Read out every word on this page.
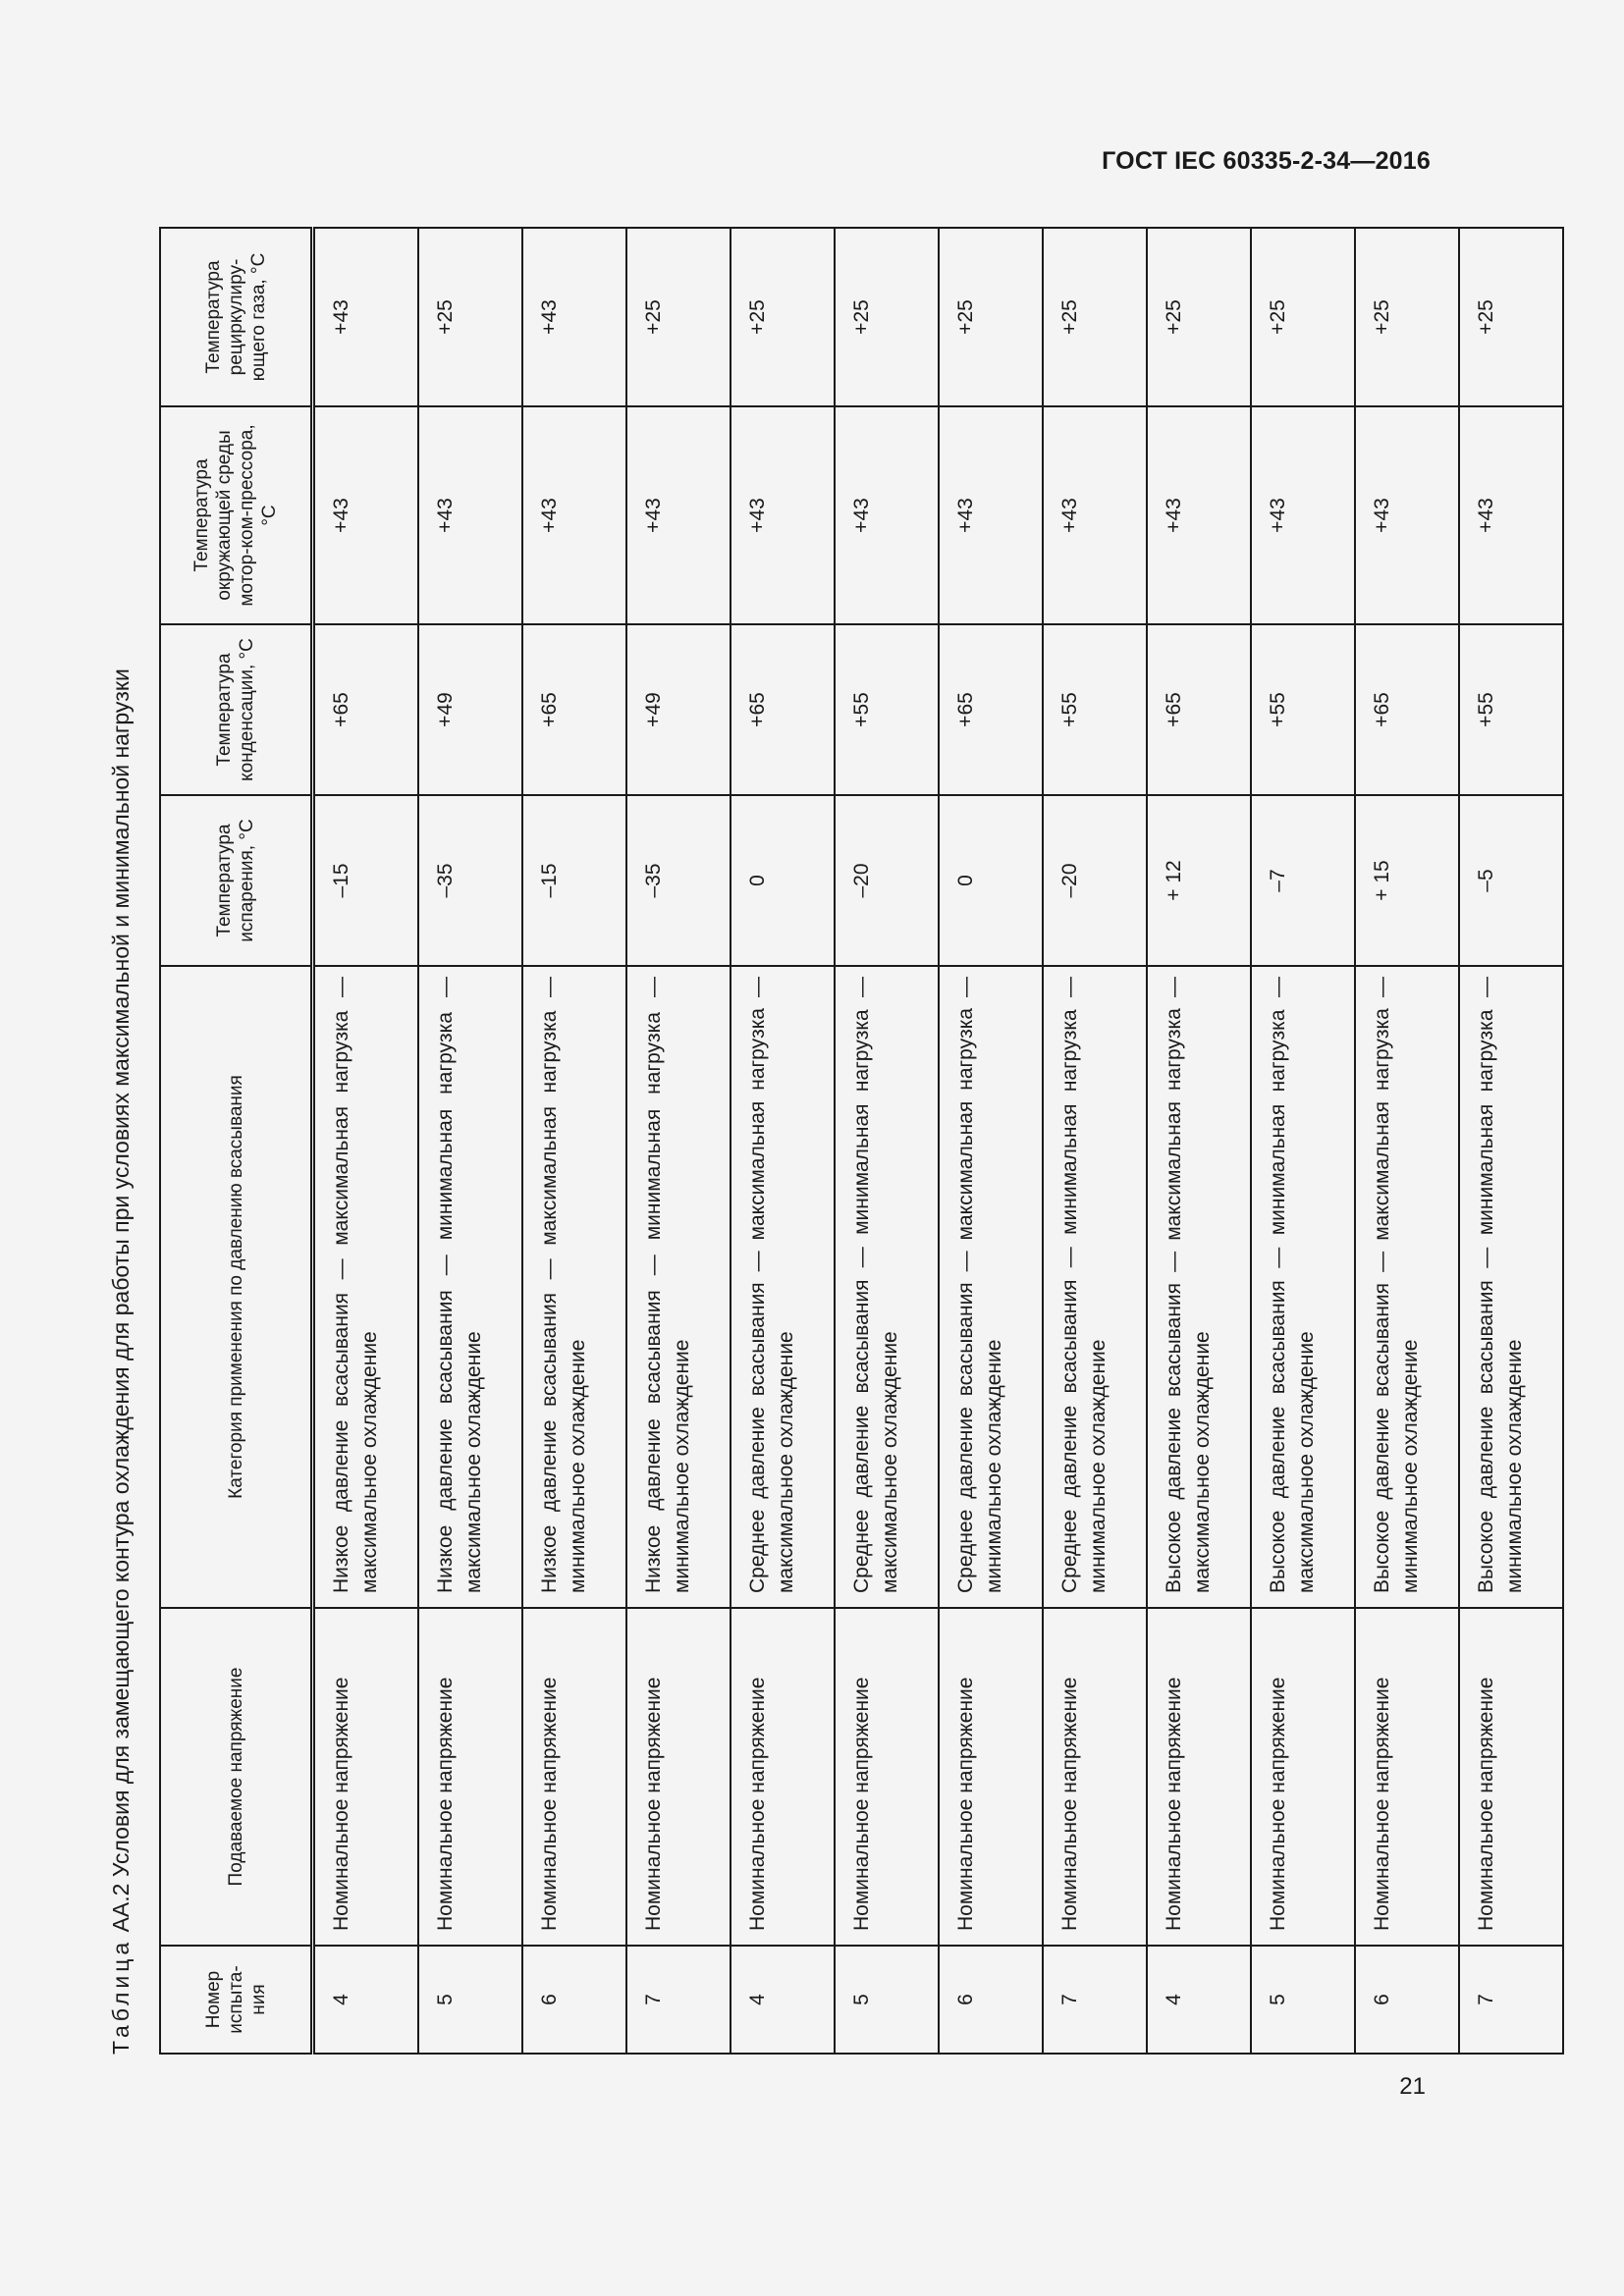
ГОСТ IEC 60335-2-34—2016
Таблица АА.2 Условия для замещающего контура охлаждения для работы при условиях максимальной и минимальной нагрузки
Номер испыта-ния	Подаваемое напряжение	Категория применения по давлению всасывания	Температура испарения, °С	Температура конденсации, °С	Температура окружающей среды мотор-ком-прессора, °С	Температура рециркулиру-ющего газа, °С
4	Номинальное напряжение	Низкое давление всасывания — максимальная нагрузка — максимальное охлаждение	–15	+65	+43	+43
5	Номинальное напряжение	Низкое давление всасывания — минимальная нагрузка — максимальное охлаждение	–35	+49	+43	+25
6	Номинальное напряжение	Низкое давление всасывания — максимальная нагрузка — минимальное охлаждение	–15	+65	+43	+43
7	Номинальное напряжение	Низкое давление всасывания — минимальная нагрузка — минимальное охлаждение	–35	+49	+43	+25
4	Номинальное напряжение	Среднее давление всасывания — максимальная нагрузка — максимальное охлаждение	0	+65	+43	+25
5	Номинальное напряжение	Среднее давление всасывания — минимальная нагрузка — максимальное охлаждение	–20	+55	+43	+25
6	Номинальное напряжение	Среднее давление всасывания — максимальная нагрузка — минимальное охлаждение	0	+65	+43	+25
7	Номинальное напряжение	Среднее давление всасывания — минимальная нагрузка — минимальное охлаждение	–20	+55	+43	+25
4	Номинальное напряжение	Высокое давление всасывания — максимальная нагрузка — максимальное охлаждение	+ 12	+65	+43	+25
5	Номинальное напряжение	Высокое давление всасывания — минимальная нагрузка — максимальное охлаждение	–7	+55	+43	+25
6	Номинальное напряжение	Высокое давление всасывания — максимальная нагрузка — минимальное охлаждение	+ 15	+65	+43	+25
7	Номинальное напряжение	Высокое давление всасывания — минимальная нагрузка — минимальное охлаждение	–5	+55	+43	+25
21
